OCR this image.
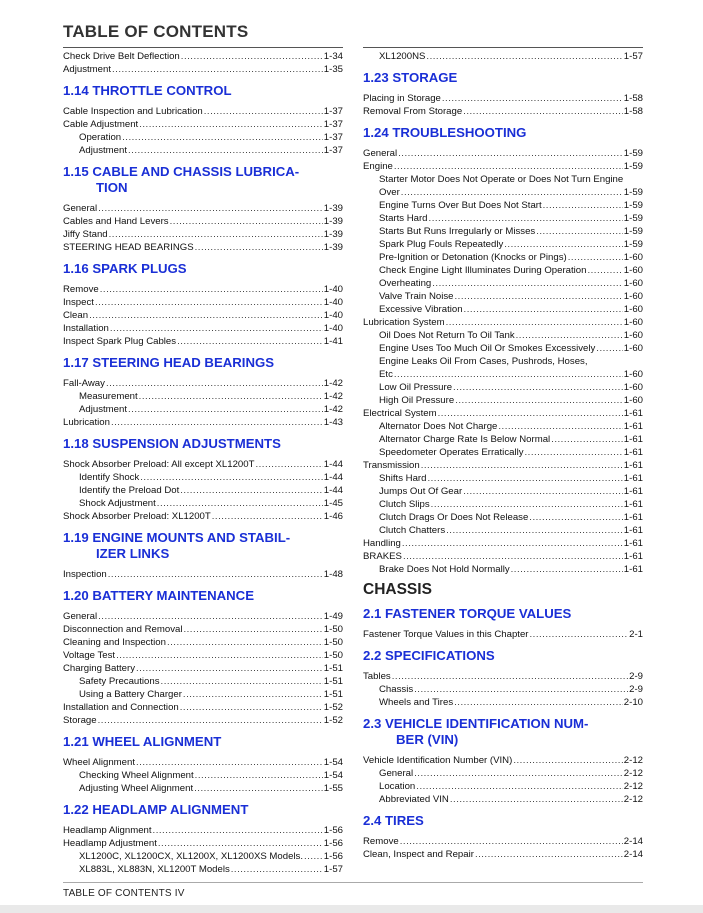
TABLE OF CONTENTS
Check Drive Belt Deflection .....	1-34
Adjustment .....	1-35
1.14 THROTTLE CONTROL
Cable Inspection and Lubrication .....	1-37
Cable Adjustment .....	1-37
Operation .....	1-37
Adjustment .....	1-37
1.15 CABLE AND CHASSIS LUBRICA-
TION
General .....	1-39
Cables and Hand Levers .....	1-39
Jiffy Stand .....	1-39
STEERING HEAD BEARINGS .....	1-39
1.16 SPARK PLUGS
Remove .....	1-40
Inspect .....	1-40
Clean .....	1-40
Installation .....	1-40
Inspect Spark Plug Cables .....	1-41
1.17 STEERING HEAD BEARINGS
Fall-Away .....	1-42
Measurement .....	1-42
Adjustment .....	1-42
Lubrication .....	1-43
1.18 SUSPENSION ADJUSTMENTS
Shock Absorber Preload: All except XL1200T .....	1-44
Identify Shock .....	1-44
Identify the Preload Dot .....	1-44
Shock Adjustment .....	1-45
Shock Absorber Preload: XL1200T .....	1-46
1.19 ENGINE MOUNTS AND STABIL-
IZER LINKS
Inspection .....	1-48
1.20 BATTERY MAINTENANCE
General .....	1-49
Disconnection and Removal .....	1-50
Cleaning and Inspection .....	1-50
Voltage Test .....	1-50
Charging Battery .....	1-51
Safety Precautions .....	1-51
Using a Battery Charger .....	1-51
Installation and Connection .....	1-52
Storage .....	1-52
1.21 WHEEL ALIGNMENT
Wheel Alignment .....	1-54
Checking Wheel Alignment .....	1-54
Adjusting Wheel Alignment .....	1-55
1.22 HEADLAMP ALIGNMENT
Headlamp Alignment .....	1-56
Headlamp Adjustment .....	1-56
XL1200C, XL1200CX, XL1200X, XL1200XS Models. ..... 1-56
XL883L, XL883N, XL1200T Models .....	1-57
XL1200NS .....	1-57
1.23 STORAGE
Placing in Storage .....	1-58
Removal From Storage .....	1-58
1.24 TROUBLESHOOTING
General .....	1-59
Engine .....	1-59
Starter Motor Does Not Operate or Does Not Turn Engine
Over .....	1-59
Engine Turns Over But Does Not Start .....	1-59
Starts Hard .....	1-59
Starts But Runs Irregularly or Misses .....	1-59
Spark Plug Fouls Repeatedly .....	1-59
Pre-Ignition or Detonation (Knocks or Pings) .....	1-60
Check Engine Light Illuminates During Operation .....	1-60
Overheating .....	1-60
Valve Train Noise .....	1-60
Excessive Vibration .....	1-60
Lubrication System .....	1-60
Oil Does Not Return To Oil Tank .....	1-60
Engine Uses Too Much Oil Or Smokes Excessively .....	1-60
Engine Leaks Oil From Cases, Pushrods, Hoses,
Etc .....	1-60
Low Oil Pressure .....	1-60
High Oil Pressure .....	1-60
Electrical System .....	1-61
Alternator Does Not Charge .....	1-61
Alternator Charge Rate Is Below Normal .....	1-61
Speedometer Operates Erratically .....	1-61
Transmission .....	1-61
Shifts Hard .....	1-61
Jumps Out Of Gear .....	1-61
Clutch Slips .....	1-61
Clutch Drags Or Does Not Release .....	1-61
Clutch Chatters .....	1-61
Handling .....	1-61
BRAKES .....	1-61
Brake Does Not Hold Normally .....	1-61
CHASSIS
2.1 FASTENER TORQUE VALUES
Fastener Torque Values in this Chapter .....	2-1
2.2 SPECIFICATIONS
Tables .....	2-9
Chassis .....	2-9
Wheels and Tires .....	2-10
2.3 VEHICLE IDENTIFICATION NUM-
BER (VIN)
Vehicle Identification Number (VIN) .....	2-12
General .....	2-12
Location .....	2-12
Abbreviated VIN .....	2-12
2.4 TIRES
Remove .....	2-14
Clean, Inspect and Repair .....	2-14
TABLE OF CONTENTS IV
